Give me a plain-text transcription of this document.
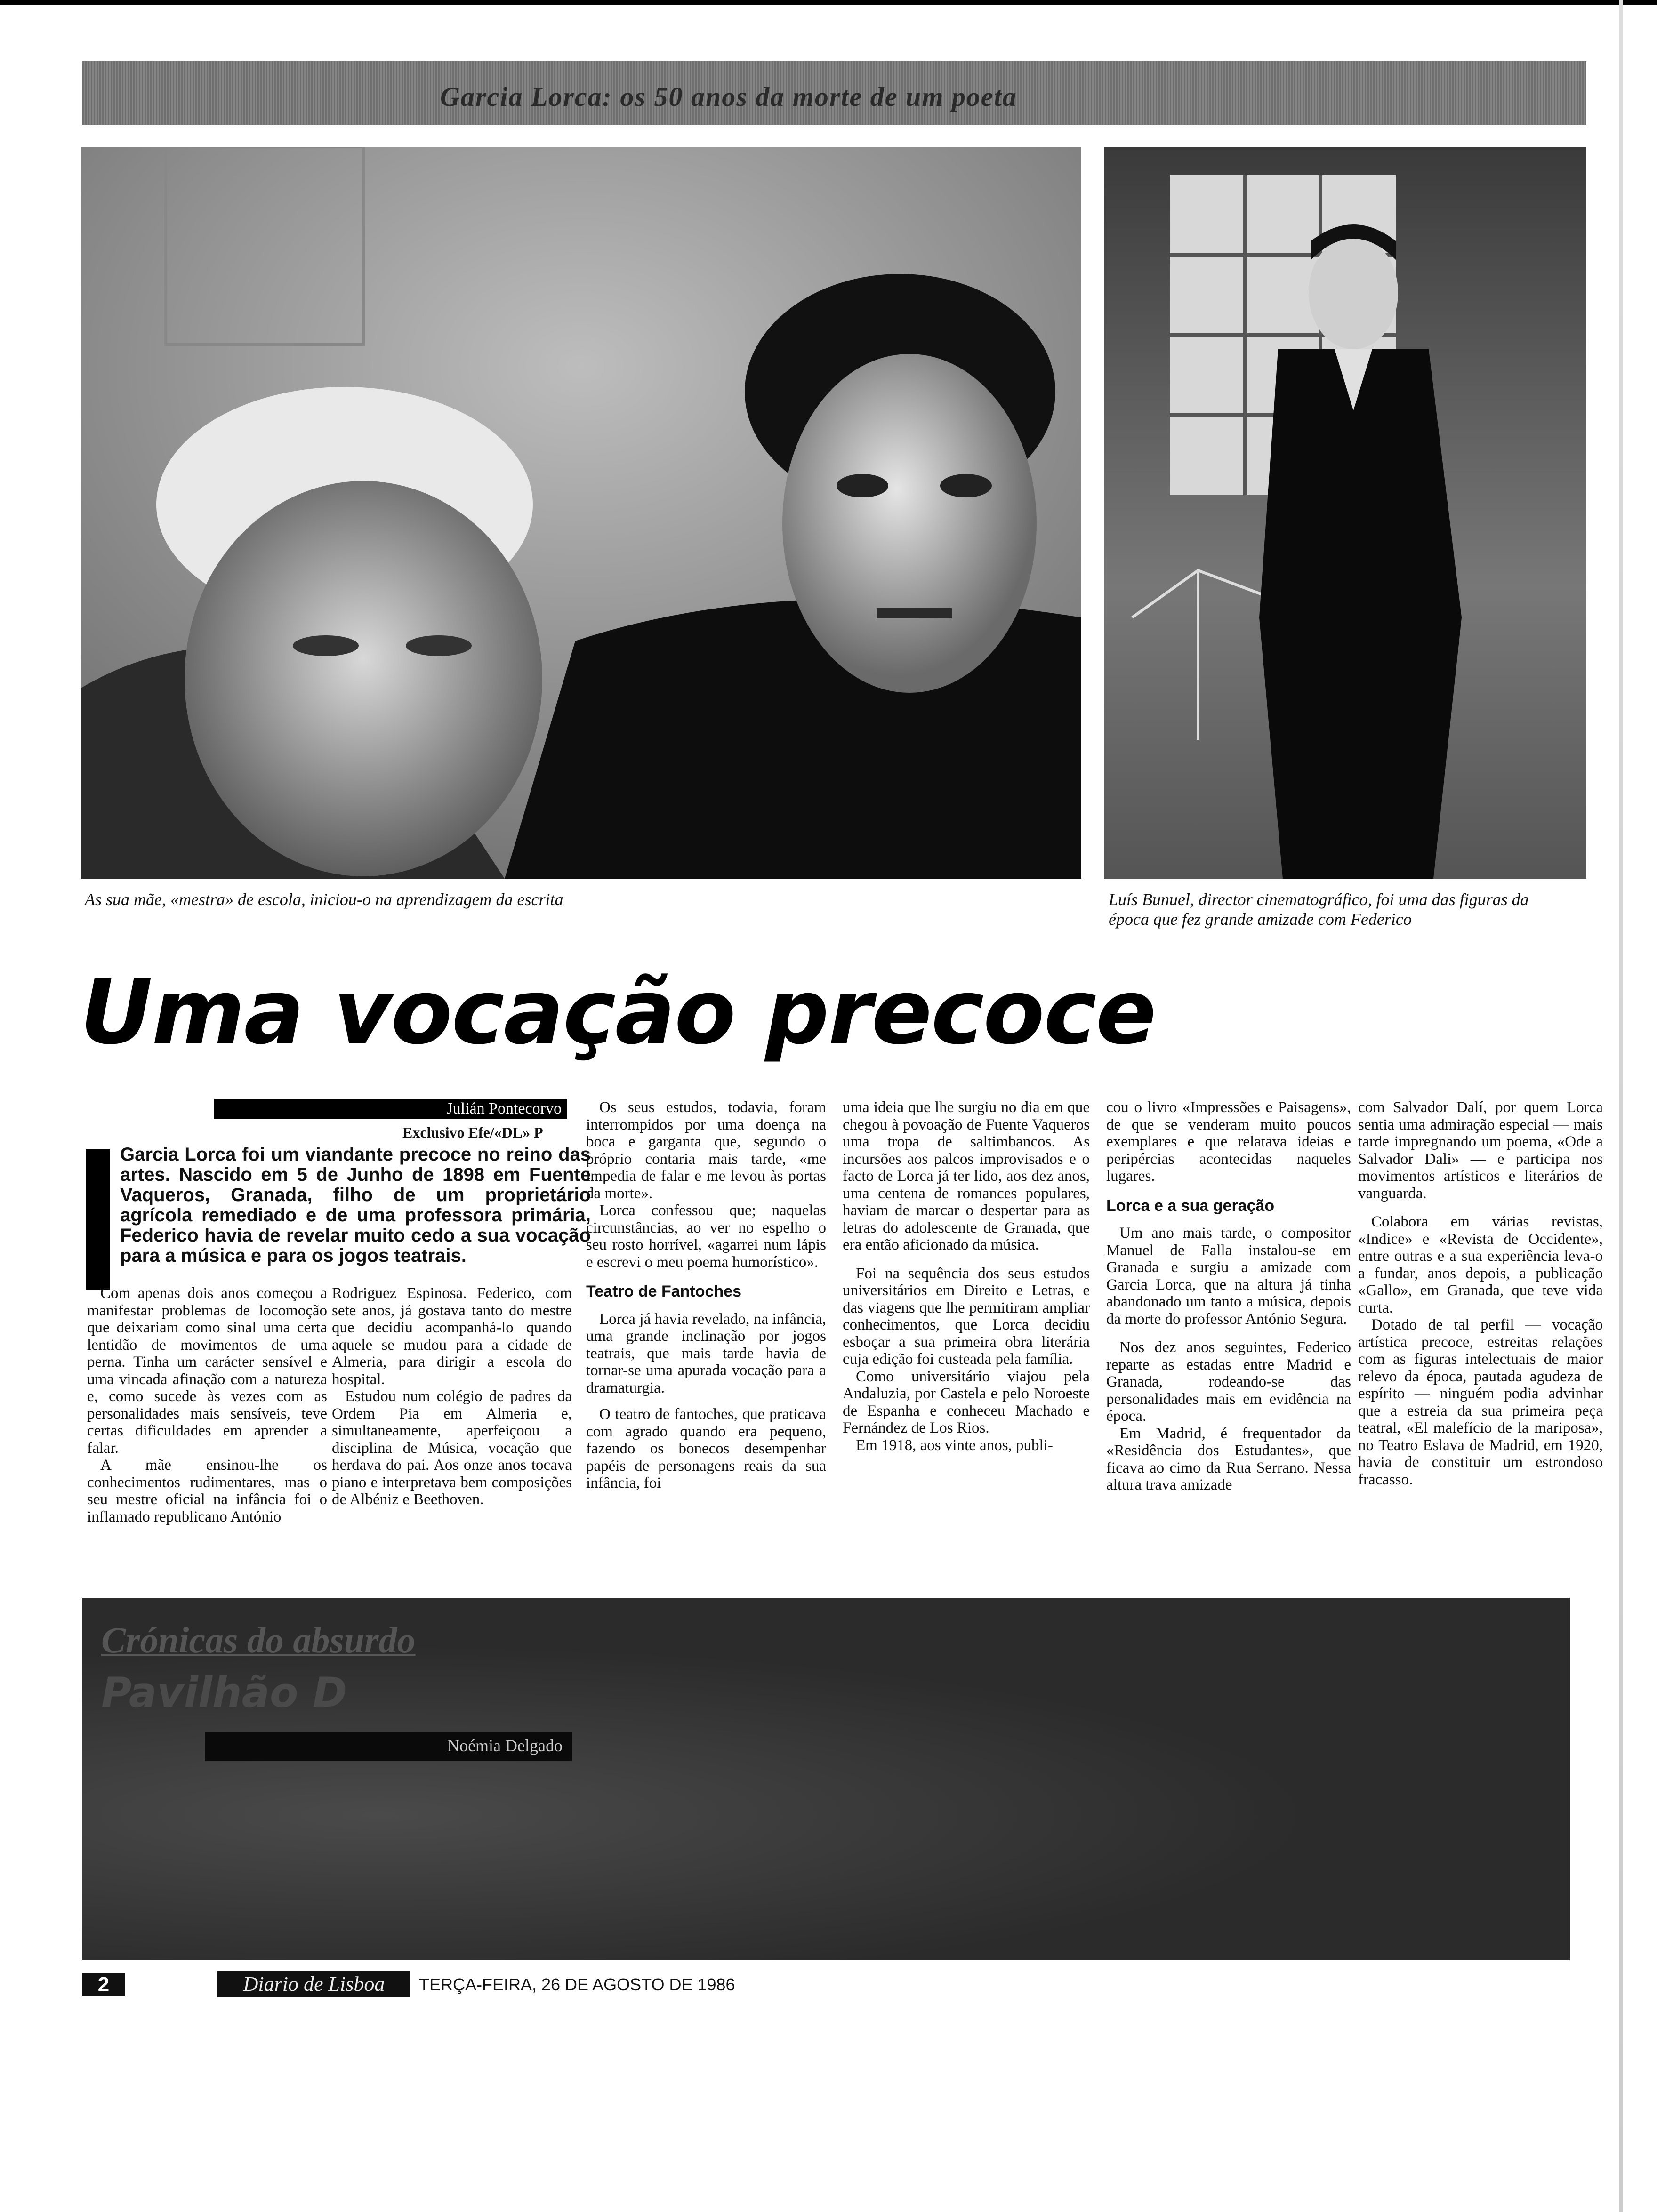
Garcia Lorca: os 50 anos da morte de um poeta
As sua mãe, «mestra» de escola, iniciou-o na aprendizagem da escrita	Luís Bunuel, director cinematográfico, foi uma das figuras da
época que fez grande amizade com Federico
Uma vocação precoce
Julián Pontecorvo
Exclusivo Efe/«DL» P
Garcia Lorca foi um viandante precoce no reino das artes. Nascido em 5 de Junho de 1898 em Fuente Vaqueros, Granada, filho de um proprietário agrícola remediado e de uma professora primária, Federico havia de revelar muito cedo a sua vocação para a música e para os jogos teatrais.

Com apenas dois anos começou a manifestar problemas de locomoção que deixariam como sinal uma certa lentidão de movimentos de uma perna. Tinha um carácter sensível e uma vincada afinação com a natureza e, como sucede às vezes com as personalidades mais sensíveis, teve certas dificuldades em aprender a falar.

A mãe ensinou-lhe os conhecimentos rudimentares, mas o seu mestre oficial na infância foi o inflamado republicano António

Rodriguez Espinosa. Federico, com sete anos, já gostava tanto do mestre que decidiu acompanhá-lo quando aquele se mudou para a cidade de Almeria, para dirigir a escola do hospital.

Estudou num colégio de padres da Ordem Pia em Almeria e, simultaneamente, aperfeiçoou a disciplina de Música, vocação que herdava do pai. Aos onze anos tocava piano e interpretava bem composições de Albéniz e Beethoven.

Os seus estudos, todavia, foram interrompidos por uma doença na boca e garganta que, segundo o próprio contaria mais tarde, «me impedia de falar e me levou às portas da morte».

Lorca confessou que; naquelas circunstâncias, ao ver no espelho o seu rosto horrível, «agarrei num lápis e escrevi o meu poema humorístico».

Teatro de Fantoches

Lorca já havia revelado, na infância, uma grande inclinação por jogos teatrais, que mais tarde havia de tornar-se uma apurada vocação para a dramaturgia.

O teatro de fantoches, que praticava com agrado quando era pequeno, fazendo os bonecos desempenhar papéis de personagens reais da sua infância, foi

uma ideia que lhe surgiu no dia em que chegou à povoação de Fuente Vaqueros uma tropa de saltimbancos. As incursões aos palcos improvisados e o facto de Lorca já ter lido, aos dez anos, uma centena de romances populares, haviam de marcar o despertar para as letras do adolescente de Granada, que era então aficionado da música.

Foi na sequência dos seus estudos universitários em Direito e Letras, e das viagens que lhe permitiram ampliar conhecimentos, que Lorca decidiu esboçar a sua primeira obra literária cuja edição foi custeada pela família.

Como universitário viajou pela Andaluzia, por Castela e pelo Noroeste de Espanha e conheceu Machado e Fernández de Los Rios.

Em 1918, aos vinte anos, publi-

cou o livro «Impressões e Paisagens», de que se venderam muito poucos exemplares e que relatava ideias e peripércias acontecidas naqueles lugares.

Lorca e a sua geração

Um ano mais tarde, o compositor Manuel de Falla instalou-se em Granada e surgiu a amizade com Garcia Lorca, que na altura já tinha abandonado um tanto a música, depois da morte do professor António Segura.

Nos dez anos seguintes, Federico reparte as estadas entre Madrid e Granada, rodeando-se das personalidades mais em evidência na época.

Em Madrid, é frequentador da «Residência dos Estudantes», que ficava ao cimo da Rua Serrano. Nessa altura trava amizade

com Salvador Dalí, por quem Lorca sentia uma admiração especial — mais tarde impregnando um poema, «Ode a Salvador Dali» — e participa nos movimentos artísticos e literários de vanguarda.

Colabora em várias revistas, «Indice» e «Revista de Occidente», entre outras e a sua experiência leva-o a fundar, anos depois, a publicação «Gallo», em Granada, que teve vida curta.

Dotado de tal perfil — vocação artística precoce, estreitas relações com as figuras intelectuais de maior relevo da época, pautada agudeza de espírito — ninguém podia advinhar que a estreia da sua primeira peça teatral, «El malefício de la mariposa», no Teatro Eslava de Madrid, em 1920, havia de constituir um estrondoso fracasso.

Crónicas do absurdo
Pavilhão D
Noémia Delgado
2	Diario de Lisboa	TERÇA-FEIRA, 26 DE AGOSTO DE 1986
